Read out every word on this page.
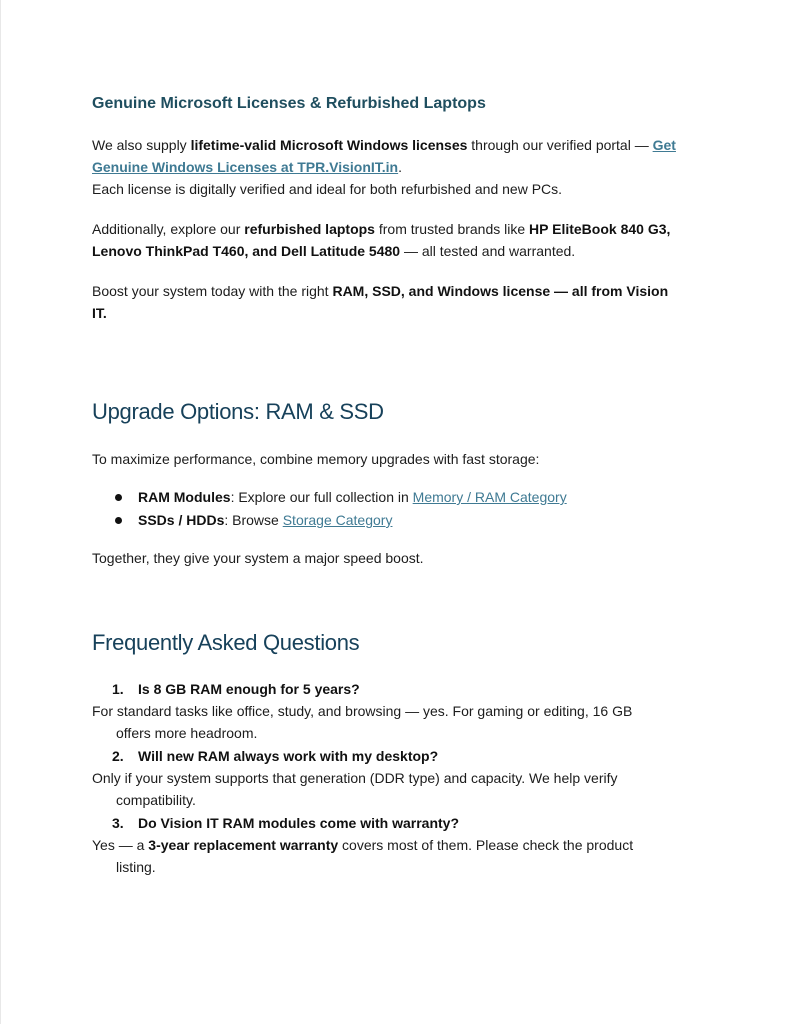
Genuine Microsoft Licenses & Refurbished Laptops

We also supply lifetime-valid Microsoft Windows licenses through our verified portal — Get
Genuine Windows Licenses at TPR.VisionIT.in.
Each license is digitally verified and ideal for both refurbished and new PCs.

Additionally, explore our refurbished laptops from trusted brands like HP EliteBook 840 G3,
Lenovo ThinkPad T460, and Dell Latitude 5480 — all tested and warranted.

Boost your system today with the right RAM, SSD, and Windows license — all from Vision
IT.

Upgrade Options: RAM & SSD

To maximize performance, combine memory upgrades with fast storage:

RAM Modules: Explore our full collection in Memory / RAM Category
SSDs / HDDs: Browse Storage Category

Together, they give your system a major speed boost.

Frequently Asked Questions
1. Is 8 GB RAM enough for 5 years?
For standard tasks like office, study, and browsing — yes. For gaming or editing, 16 GB
offers more headroom.
2. Will new RAM always work with my desktop?
Only if your system supports that generation (DDR type) and capacity. We help verify
compatibility.
3. Do Vision IT RAM modules come with warranty?
Yes — a 3-year replacement warranty covers most of them. Please check the product
listing.
